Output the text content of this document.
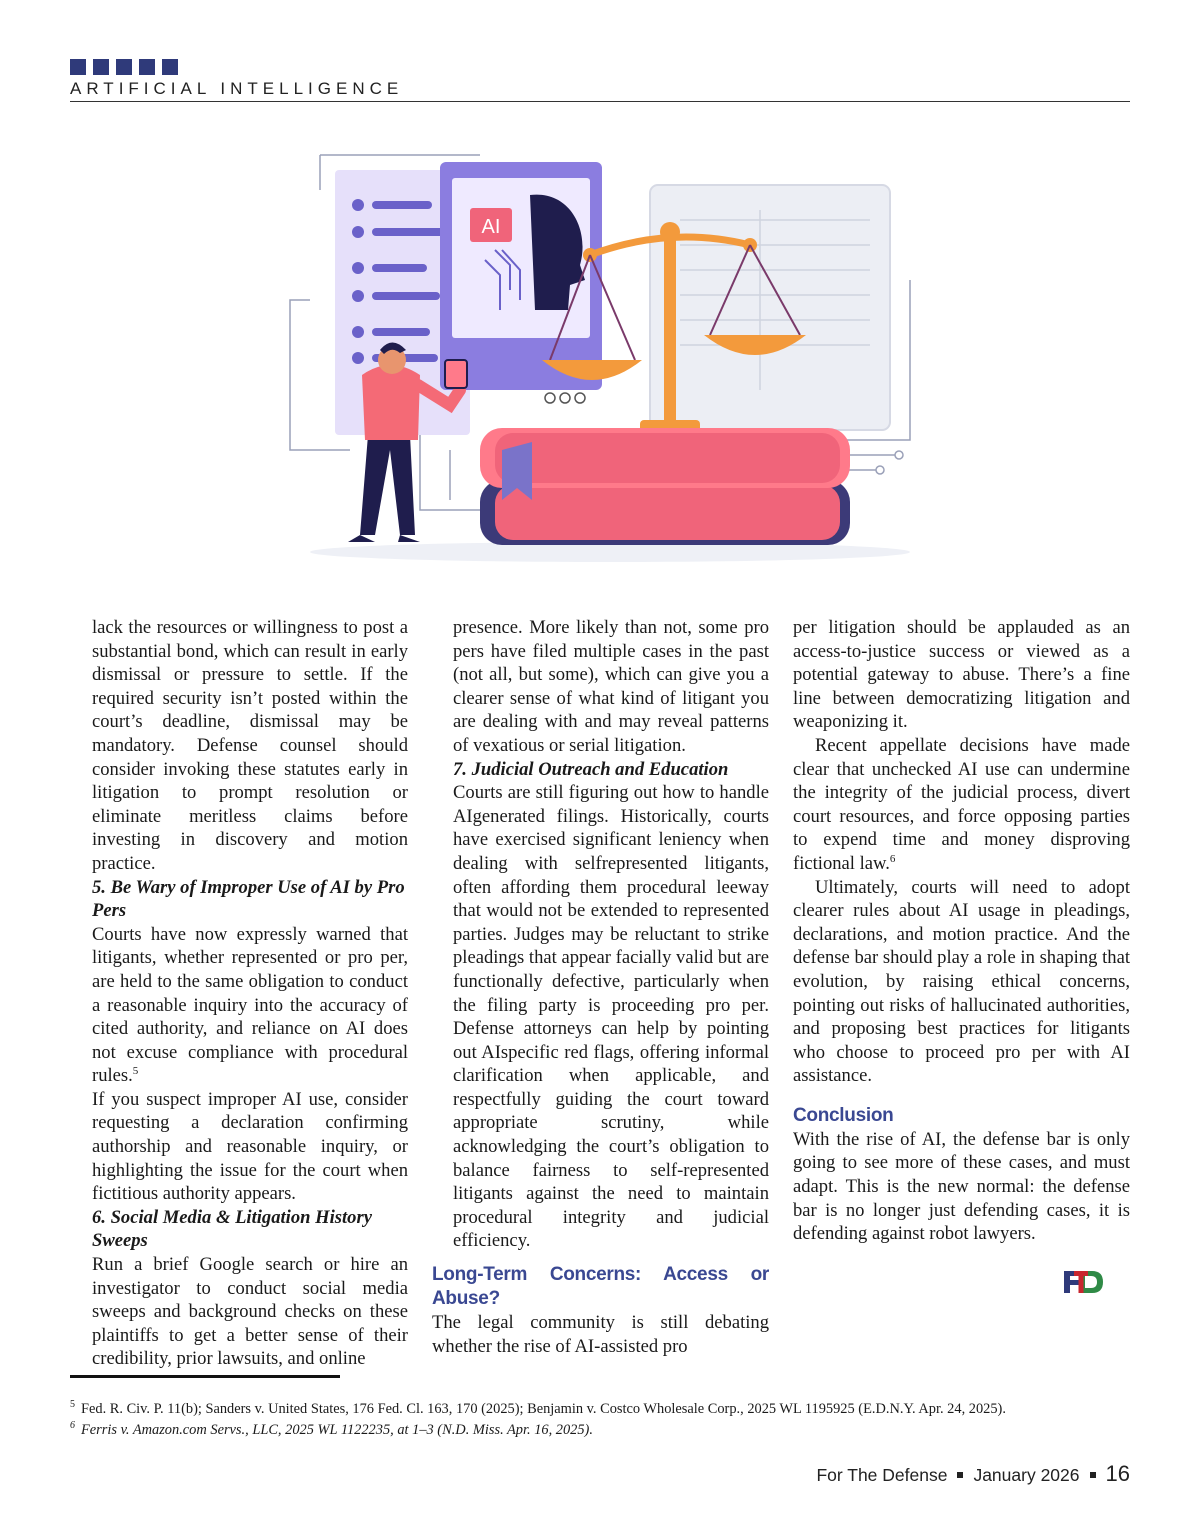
ARTIFICIAL INTELLIGENCE
AI

lack the resources or willingness to post a substantial bond, which can result in early dismissal or pressure to settle. If the required security isn’t posted within the court’s deadline, dismissal may be mandatory. Defense counsel should consider invoking these statutes early in litigation to prompt resolution or eliminate meritless claims before investing in discovery and motion practice.

5. Be Wary of Improper Use of AI by Pro Pers

Courts have now expressly warned that litigants, whether represented or pro per, are held to the same obligation to conduct a reasonable inquiry into the accuracy of cited authority, and reliance on AI does not excuse compliance with procedural rules.$^5$

If you suspect improper AI use, consider requesting a declaration confirming authorship and reasonable inquiry, or highlighting the issue for the court when fictitious authority appears.

6. Social Media & Litigation History Sweeps

Run a brief Google search or hire an investigator to conduct social media sweeps and background checks on these plaintiffs to get a better sense of their credibility, prior lawsuits, and online

presence. More likely than not, some pro pers have filed multiple cases in the past (not all, but some), which can give you a clearer sense of what kind of litigant you are dealing with and may reveal patterns of vexatious or serial litigation.

7. Judicial Outreach and Education

Courts are still figuring out how to handle AIgenerated filings. Historically, courts have exercised significant leniency when dealing with selfrepresented litigants, often affording them procedural leeway that would not be extended to represented parties. Judges may be reluctant to strike pleadings that appear facially valid but are functionally defective, particularly when the filing party is proceeding pro per. Defense attorneys can help by pointing out AIspecific red flags, offering informal clarification when applicable, and respectfully guiding the court toward appropriate scrutiny, while acknowledging the court’s obligation to balance fairness to self-represented litigants against the need to maintain procedural integrity and judicial efficiency.

Long-Term Concerns: Access or Abuse?

The legal community is still debating whether the rise of AI-assisted pro

per litigation should be applauded as an access-to-justice success or viewed as a potential gateway to abuse. There’s a fine line between democratizing litigation and weaponizing it.

Recent appellate decisions have made clear that unchecked AI use can undermine the integrity of the judicial process, divert court resources, and force opposing parties to expend time and money disproving fictional law.$^6$

Ultimately, courts will need to adopt clearer rules about AI usage in pleadings, declarations, and motion practice. And the defense bar should play a role in shaping that evolution, by raising ethical concerns, pointing out risks of hallucinated authorities, and proposing best practices for litigants who choose to proceed pro per with AI assistance.

Conclusion

With the rise of AI, the defense bar is only going to see more of these cases, and must adapt. This is the new normal: the defense bar is no longer just defending cases, it is defending against robot lawyers.

$^5$ Fed. R. Civ. P. 11(b); Sanders v. United States, 176 Fed. Cl. 163, 170 (2025); Benjamin v. Costco Wholesale Corp., 2025 WL 1195925 (E.D.N.Y. Apr. 24, 2025).
$^6$ Ferris v. Amazon.com Servs., LLC, 2025 WL 1122235, at 1–3 (N.D. Miss. Apr. 16, 2025).
For The Defense January 2026 16
